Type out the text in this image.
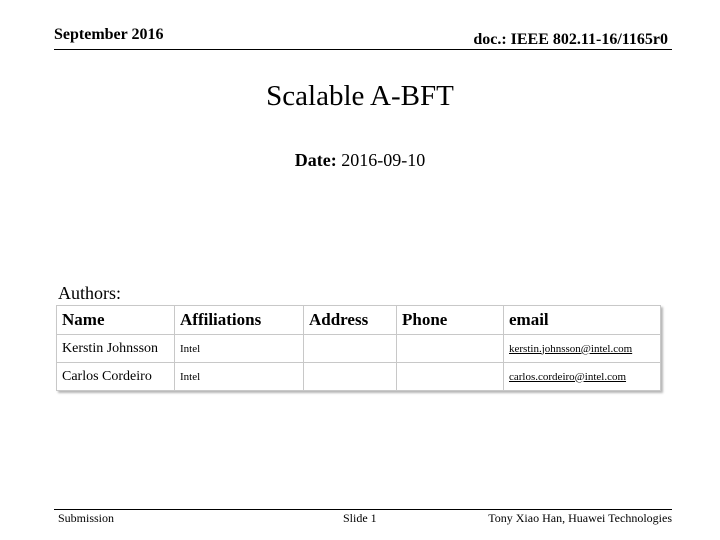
September 2016	doc.: IEEE 802.11-16/1165r0
Scalable A-BFT
Date: 2016-09-10
Authors:
Name	Affiliations	Address	Phone	email
Kerstin Johnsson	Intel			kerstin.johnsson@intel.com
Carlos Cordeiro	Intel			carlos.cordeiro@intel.com
Submission	Slide 1	Tony Xiao Han, Huawei Technologies
